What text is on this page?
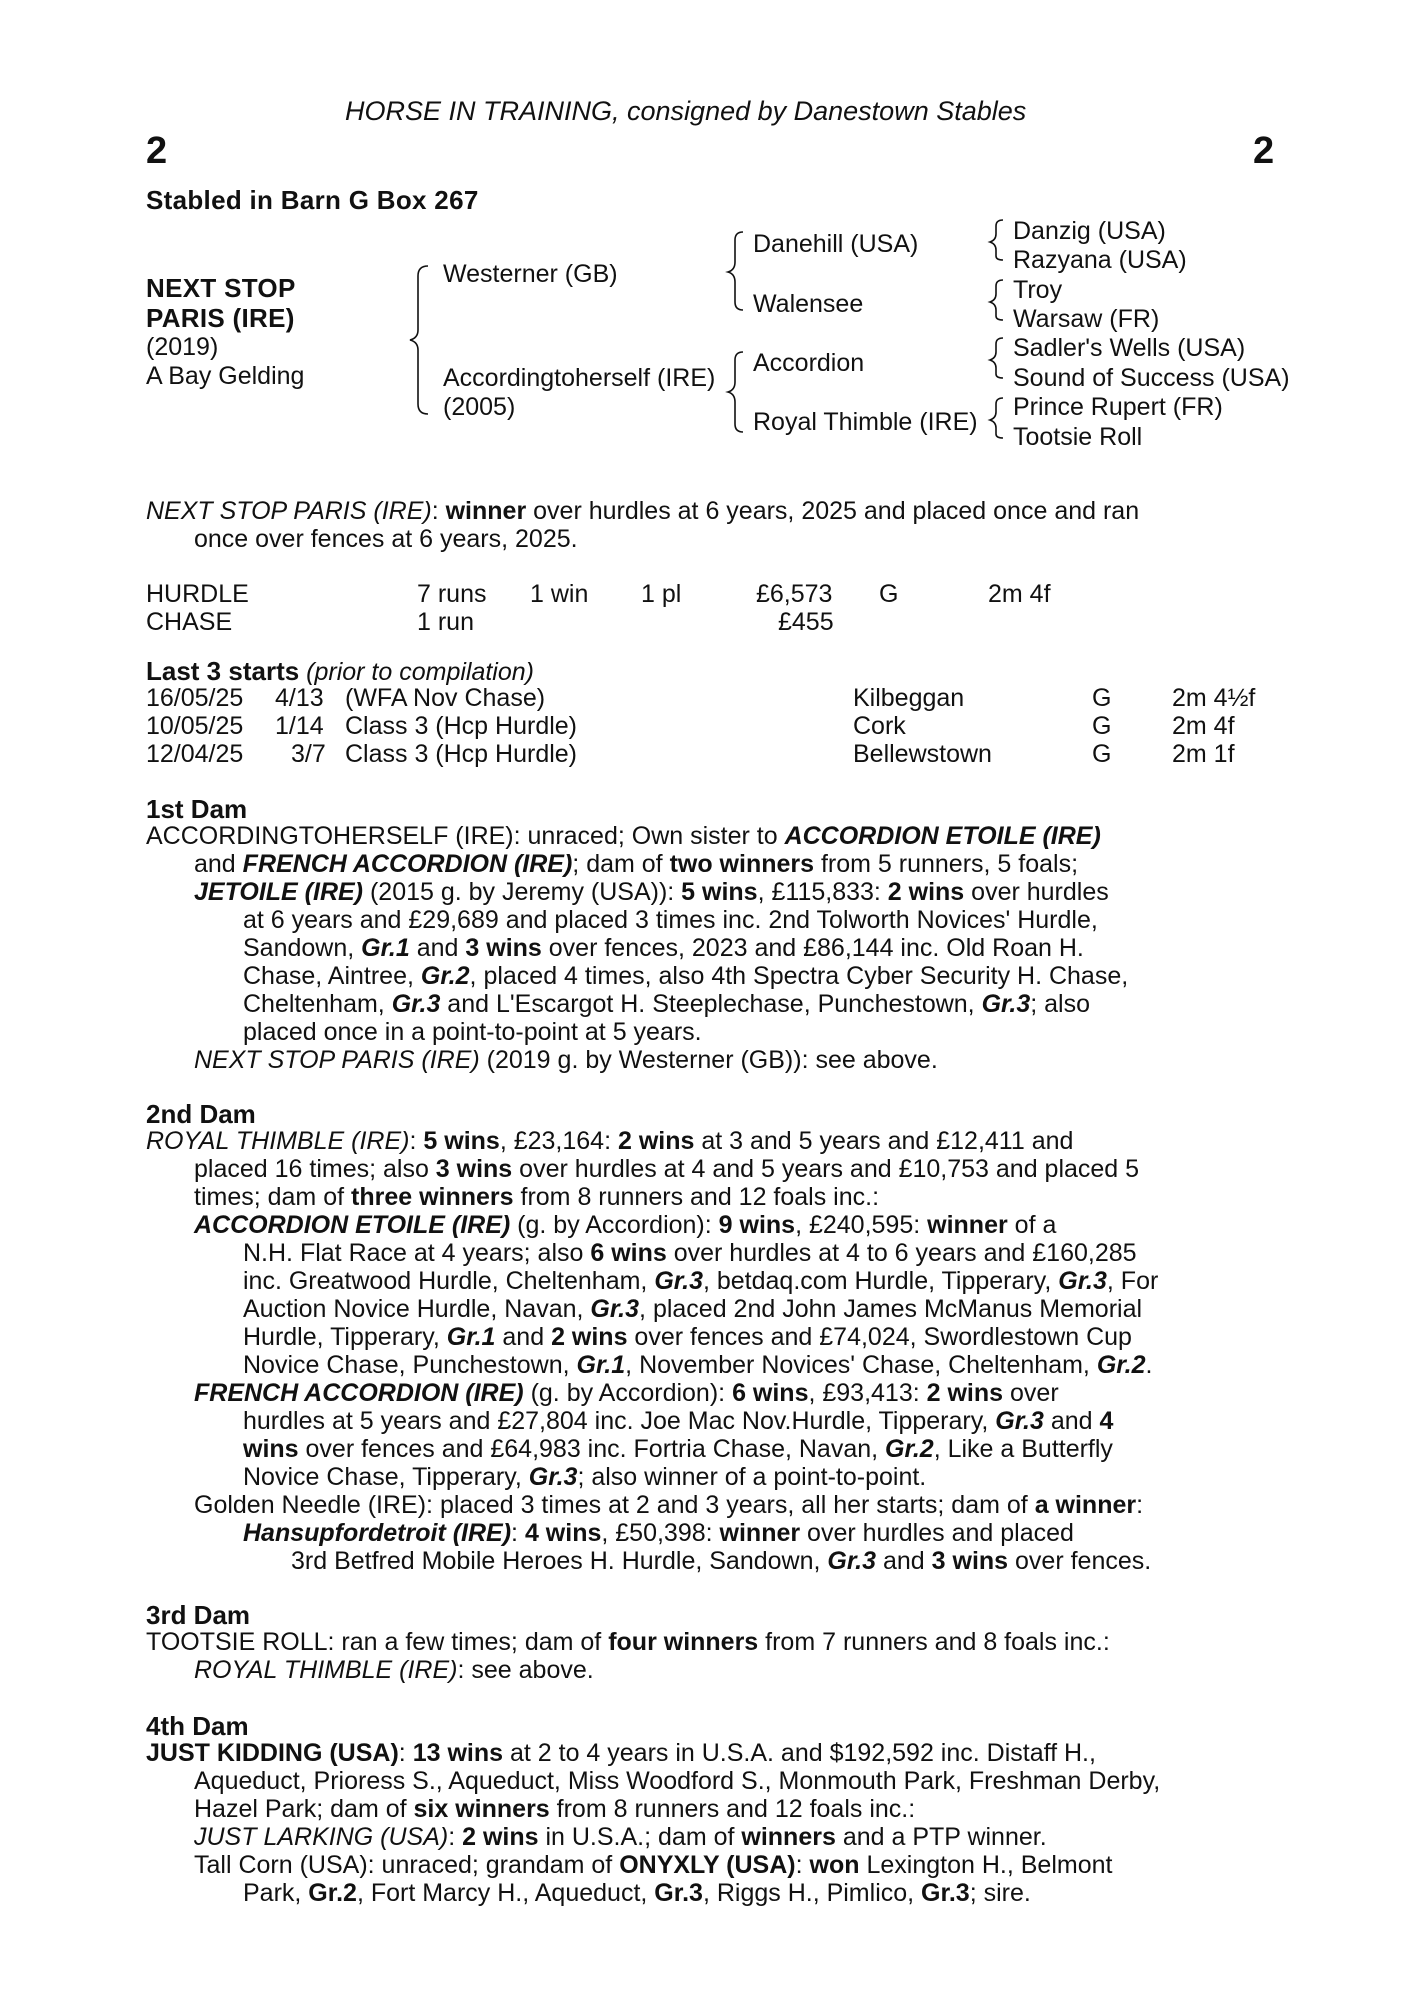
HORSE IN TRAINING, consigned by Danestown Stables
2	2
Stabled in Barn G Box 267
NEXT STOP
PARIS (IRE)
(2019)
A Bay Gelding
Westerner (GB)
Accordingtoherself (IRE)
(2005)
Danehill (USA)
Walensee
Accordion
Royal Thimble (IRE)
Danzig (USA)
Razyana (USA)
Troy
Warsaw (FR)
Sadler's Wells (USA)
Sound of Success (USA)
Prince Rupert (FR)
Tootsie Roll
NEXT STOP PARIS (IRE): winner over hurdles at 6 years, 2025 and placed once and ran
once over fences at 6 years, 2025.
HURDLE	7 runs 1 win 1 pl	£6,573 G	2m 4f
CHASE	1 run	£455
Last 3 starts (prior to compilation)
16/05/25 4/13 (WFA Nov Chase)	Kilbeggan	G 2m 4½f
10/05/25 1/14 Class 3 (Hcp Hurdle)	Cork	G 2m 4f
12/04/25 3/7 Class 3 (Hcp Hurdle)	Bellewstown	G 2m 1f
1st Dam
ACCORDINGTOHERSELF (IRE): unraced; Own sister to ACCORDION ETOILE (IRE)
and FRENCH ACCORDION (IRE); dam of two winners from 5 runners, 5 foals;
JETOILE (IRE) (2015 g. by Jeremy (USA)): 5 wins, £115,833: 2 wins over hurdles
at 6 years and £29,689 and placed 3 times inc. 2nd Tolworth Novices' Hurdle,
Sandown, Gr.1 and 3 wins over fences, 2023 and £86,144 inc. Old Roan H.
Chase, Aintree, Gr.2, placed 4 times, also 4th Spectra Cyber Security H. Chase,
Cheltenham, Gr.3 and L'Escargot H. Steeplechase, Punchestown, Gr.3; also
placed once in a point-to-point at 5 years.
NEXT STOP PARIS (IRE) (2019 g. by Westerner (GB)): see above.
2nd Dam
ROYAL THIMBLE (IRE): 5 wins, £23,164: 2 wins at 3 and 5 years and £12,411 and
placed 16 times; also 3 wins over hurdles at 4 and 5 years and £10,753 and placed 5
times; dam of three winners from 8 runners and 12 foals inc.:
ACCORDION ETOILE (IRE) (g. by Accordion): 9 wins, £240,595: winner of a
N.H. Flat Race at 4 years; also 6 wins over hurdles at 4 to 6 years and £160,285
inc. Greatwood Hurdle, Cheltenham, Gr.3, betdaq.com Hurdle, Tipperary, Gr.3, For
Auction Novice Hurdle, Navan, Gr.3, placed 2nd John James McManus Memorial
Hurdle, Tipperary, Gr.1 and 2 wins over fences and £74,024, Swordlestown Cup
Novice Chase, Punchestown, Gr.1, November Novices' Chase, Cheltenham, Gr.2.
FRENCH ACCORDION (IRE) (g. by Accordion): 6 wins, £93,413: 2 wins over
hurdles at 5 years and £27,804 inc. Joe Mac Nov.Hurdle, Tipperary, Gr.3 and 4
wins over fences and £64,983 inc. Fortria Chase, Navan, Gr.2, Like a Butterfly
Novice Chase, Tipperary, Gr.3; also winner of a point-to-point.
Golden Needle (IRE): placed 3 times at 2 and 3 years, all her starts; dam of a winner:
Hansupfordetroit (IRE): 4 wins, £50,398: winner over hurdles and placed
3rd Betfred Mobile Heroes H. Hurdle, Sandown, Gr.3 and 3 wins over fences.
3rd Dam
TOOTSIE ROLL: ran a few times; dam of four winners from 7 runners and 8 foals inc.:
ROYAL THIMBLE (IRE): see above.
4th Dam
JUST KIDDING (USA): 13 wins at 2 to 4 years in U.S.A. and $192,592 inc. Distaff H.,
Aqueduct, Prioress S., Aqueduct, Miss Woodford S., Monmouth Park, Freshman Derby,
Hazel Park; dam of six winners from 8 runners and 12 foals inc.:
JUST LARKING (USA): 2 wins in U.S.A.; dam of winners and a PTP winner.
Tall Corn (USA): unraced; grandam of ONYXLY (USA): won Lexington H., Belmont
Park, Gr.2, Fort Marcy H., Aqueduct, Gr.3, Riggs H., Pimlico, Gr.3; sire.
